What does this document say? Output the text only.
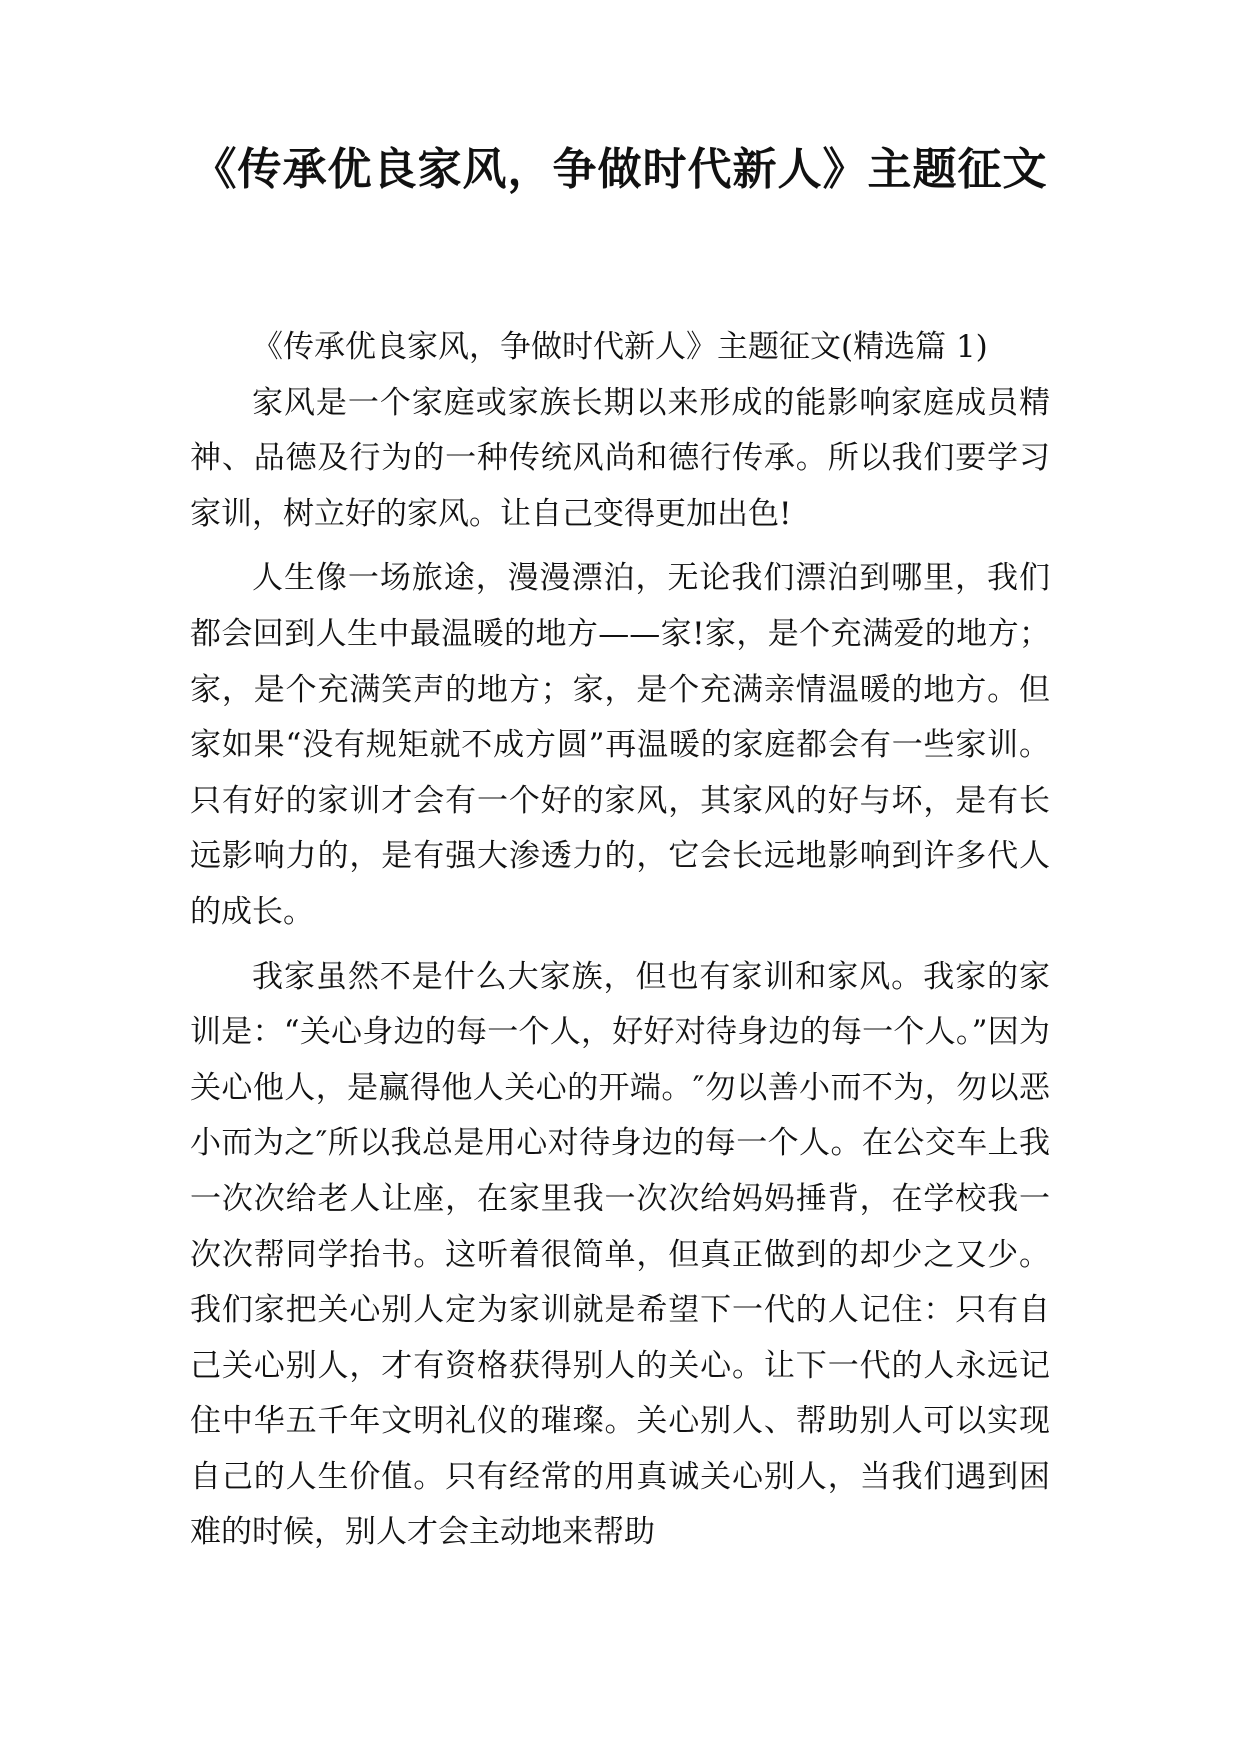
《传承优良家风，争做时代新人》主题征文

《传承优良家风，争做时代新人》主题征文(精选篇 1)

家风是一个家庭或家族长期以来形成的能影响家庭成员精神、品德及行为的一种传统风尚和德行传承。所以我们要学习家训，树立好的家风。让自己变得更加出色!

人生像一场旅途，漫漫漂泊，无论我们漂泊到哪里，我们都会回到人生中最温暖的地方——家!家，是个充满爱的地方；家，是个充满笑声的地方；家，是个充满亲情温暖的地方。但家如果“没有规矩就不成方圆”再温暖的家庭都会有一些家训。只有好的家训才会有一个好的家风，其家风的好与坏，是有长远影响力的，是有强大渗透力的，它会长远地影响到许多代人的成长。

我家虽然不是什么大家族，但也有家训和家风。我家的家训是：“关心身边的每一个人，好好对待身边的每一个人。”因为关心他人，是赢得他人关心的开端。″勿以善小而不为，勿以恶小而为之″所以我总是用心对待身边的每一个人。在公交车上我一次次给老人让座，在家里我一次次给妈妈捶背，在学校我一次次帮同学抬书。这听着很简单，但真正做到的却少之又少。我们家把关心别人定为家训就是希望下一代的人记住：只有自己关心别人，才有资格获得别人的关心。让下一代的人永远记住中华五千年文明礼仪的璀璨。关心别人、帮助别人可以实现自己的人生价值。只有经常的用真诚关心别人，当我们遇到困难的时候，别人才会主动地来帮助
